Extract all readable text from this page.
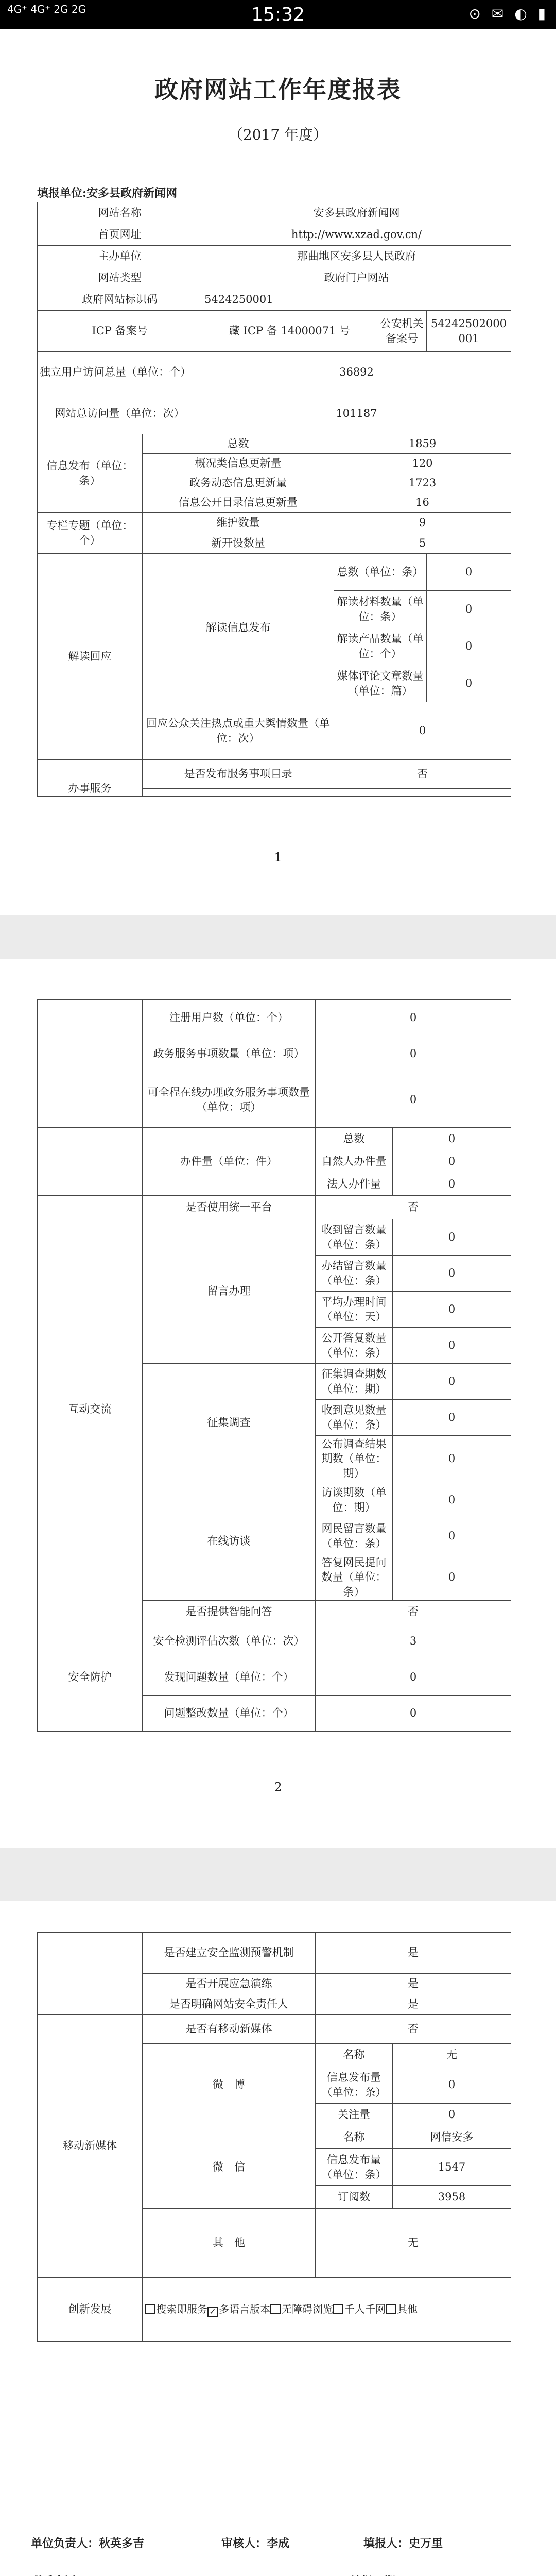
4G⁺ 4G⁺ 2G 2G	15:32	⊙ ✉ ◐ ▮
政府网站工作年度报表
（2017 年度）
填报单位:安多县政府新闻网
网站名称		安多县政府新闻网			
首页网址		http://www.xzad.gov.cn/			
主办单位		那曲地区安多县人民政府			
网站类型		政府门户网站			
政府网站标识码		5424250001			
ICP 备案号		藏 ICP 备 14000071 号		公安机关备案号	54242502000001
独立用户访问总量（单位：个）		36892			
网站总访问量（单位：次）		101187			
信息发布（单位：条）	总数		1859		
	概况类信息更新量		120		
	政务动态信息更新量		1723		
	信息公开目录信息更新量		16		
专栏专题（单位：个）	维护数量		9		
	新开设数量		5		
解读回应	解读信息发布		总数（单位：条）		0
			解读材料数量（单位：条）		0
			解读产品数量（单位：个）		0
			媒体评论文章数量（单位：篇）		0
	回应公众关注热点或重大舆情数量（单位：次）		0		
办事服务	是否发布服务事项目录		否		

1
	注册用户数（单位：个）	0	
	政务服务事项数量（单位：项）	0	
	可全程在线办理政务服务事项数量（单位：项）	0	
	办件量（单位：件）	总数	0
		自然人办件量	0
		法人办件量	0
互动交流	是否使用统一平台	否	
	留言办理	收到留言数量（单位：条）	0
		办结留言数量（单位：条）	0
		平均办理时间（单位：天）	0
		公开答复数量（单位：条）	0
	征集调查	征集调查期数（单位：期）	0
		收到意见数量（单位：条）	0
		公布调查结果期数（单位：期）	0
	在线访谈	访谈期数（单位：期）	0
		网民留言数量（单位：条）	0
		答复网民提问数量（单位：条）	0
	是否提供智能问答	否	
安全防护	安全检测评估次数（单位：次）	3	
	发现问题数量（单位：个）	0	
	问题整改数量（单位：个）	0	
2
	是否建立安全监测预警机制	是	
	是否开展应急演练	是	
	是否明确网站安全责任人	是	
移动新媒体	是否有移动新媒体	否	
	微　博	名称	无
		信息发布量（单位：条）	0
		关注量	0
	微　信	名称	网信安多
		信息发布量（单位：条）	1547
		订阅数	3958
	其　他	无	
创新发展	搜索即服务 ✓ 多语言版本 无障碍浏览 千人千网 其他		
单位负责人：秋英多吉	审核人：李成	填报人：史万里
